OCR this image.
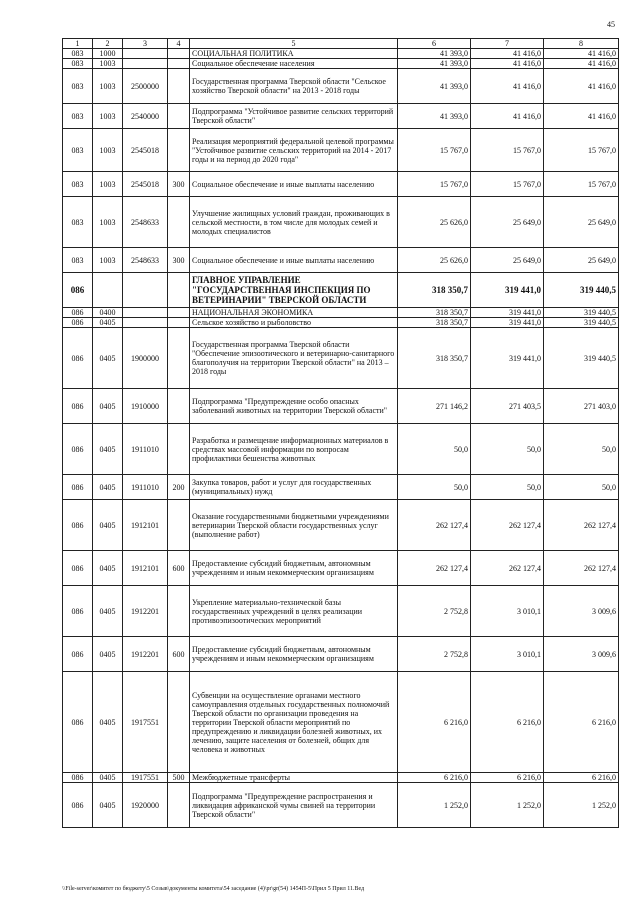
45
1	2	3	4	5	6	7	8
083	1000			СОЦИАЛЬНАЯ ПОЛИТИКА	41 393,0	41 416,0	41 416,0
083	1003			Социальное обеспечение населения	41 393,0	41 416,0	41 416,0
083	1003	2500000		Государственная программа Тверской области "Сельское хозяйство Тверской области" на 2013 - 2018 годы	41 393,0	41 416,0	41 416,0
083	1003	2540000		Подпрограмма "Устойчивое развитие сельских территорий Тверской области"	41 393,0	41 416,0	41 416,0
083	1003	2545018		Реализация мероприятий федеральной целевой программы "Устойчивое развитие сельских территорий на 2014 - 2017 годы и на период до 2020 года"	15 767,0	15 767,0	15 767,0
083	1003	2545018	300	Социальное обеспечение и иные выплаты населению	15 767,0	15 767,0	15 767,0
083	1003	2548633		Улучшение жилищных условий граждан, проживающих в сельской местности, в том числе для молодых семей и молодых специалистов	25 626,0	25 649,0	25 649,0
083	1003	2548633	300	Социальное обеспечение и иные выплаты населению	25 626,0	25 649,0	25 649,0
086				ГЛАВНОЕ УПРАВЛЕНИЕ "ГОСУДАРСТВЕННАЯ ИНСПЕКЦИЯ ПО ВЕТЕРИНАРИИ" ТВЕРСКОЙ ОБЛАСТИ	318 350,7	319 441,0	319 440,5
086	0400			НАЦИОНАЛЬНАЯ ЭКОНОМИКА	318 350,7	319 441,0	319 440,5
086	0405			Сельское хозяйство и рыболовство	318 350,7	319 441,0	319 440,5
086	0405	1900000		Государственная программа Тверской области "Обеспечение эпизоотического и ветеринарно-санитарного благополучия на территории Тверской области" на 2013 – 2018 годы	318 350,7	319 441,0	319 440,5
086	0405	1910000		Подпрограмма "Предупреждение особо опасных заболеваний животных на территории Тверской области"	271 146,2	271 403,5	271 403,0
086	0405	1911010		Разработка и размещение информационных материалов в средствах массовой информации по вопросам профилактики бешенства животных	50,0	50,0	50,0
086	0405	1911010	200	Закупка товаров, работ и услуг для государственных (муниципальных) нужд	50,0	50,0	50,0
086	0405	1912101		Оказание государственными бюджетными учреждениями ветеринарии Тверской области государственных услуг (выполнение работ)	262 127,4	262 127,4	262 127,4
086	0405	1912101	600	Предоставление субсидий бюджетным, автономным учреждениям и иным некоммерческим организациям	262 127,4	262 127,4	262 127,4
086	0405	1912201		Укрепление материально-технической базы государственных учреждений в целях реализации противоэпизоотических мероприятий	2 752,8	3 010,1	3 009,6
086	0405	1912201	600	Предоставление субсидий бюджетным, автономным учреждениям и иным некоммерческим организациям	2 752,8	3 010,1	3 009,6
086	0405	1917551		Субвенции на осуществление органами местного самоуправления отдельных государственных полномочий Тверской области по организации проведения на территории Тверской области мероприятий по предупреждению и ликвидации болезней животных, их лечению, защите населения от болезней, общих для человека и животных	6 216,0	6 216,0	6 216,0
086	0405	1917551	500	Межбюджетные трансферты	6 216,0	6 216,0	6 216,0
086	0405	1920000		Подпрограмма "Предупреждение распространения и ликвидация африканской чумы свиней на территории Тверской области"	1 252,0	1 252,0	1 252,0
\\File-server\комитет по бюджету\5 Созыв\документы комитета\54 заседание (4)\pr\gr(54) 1454П-5\Прил 5 Прил 11.Вед
